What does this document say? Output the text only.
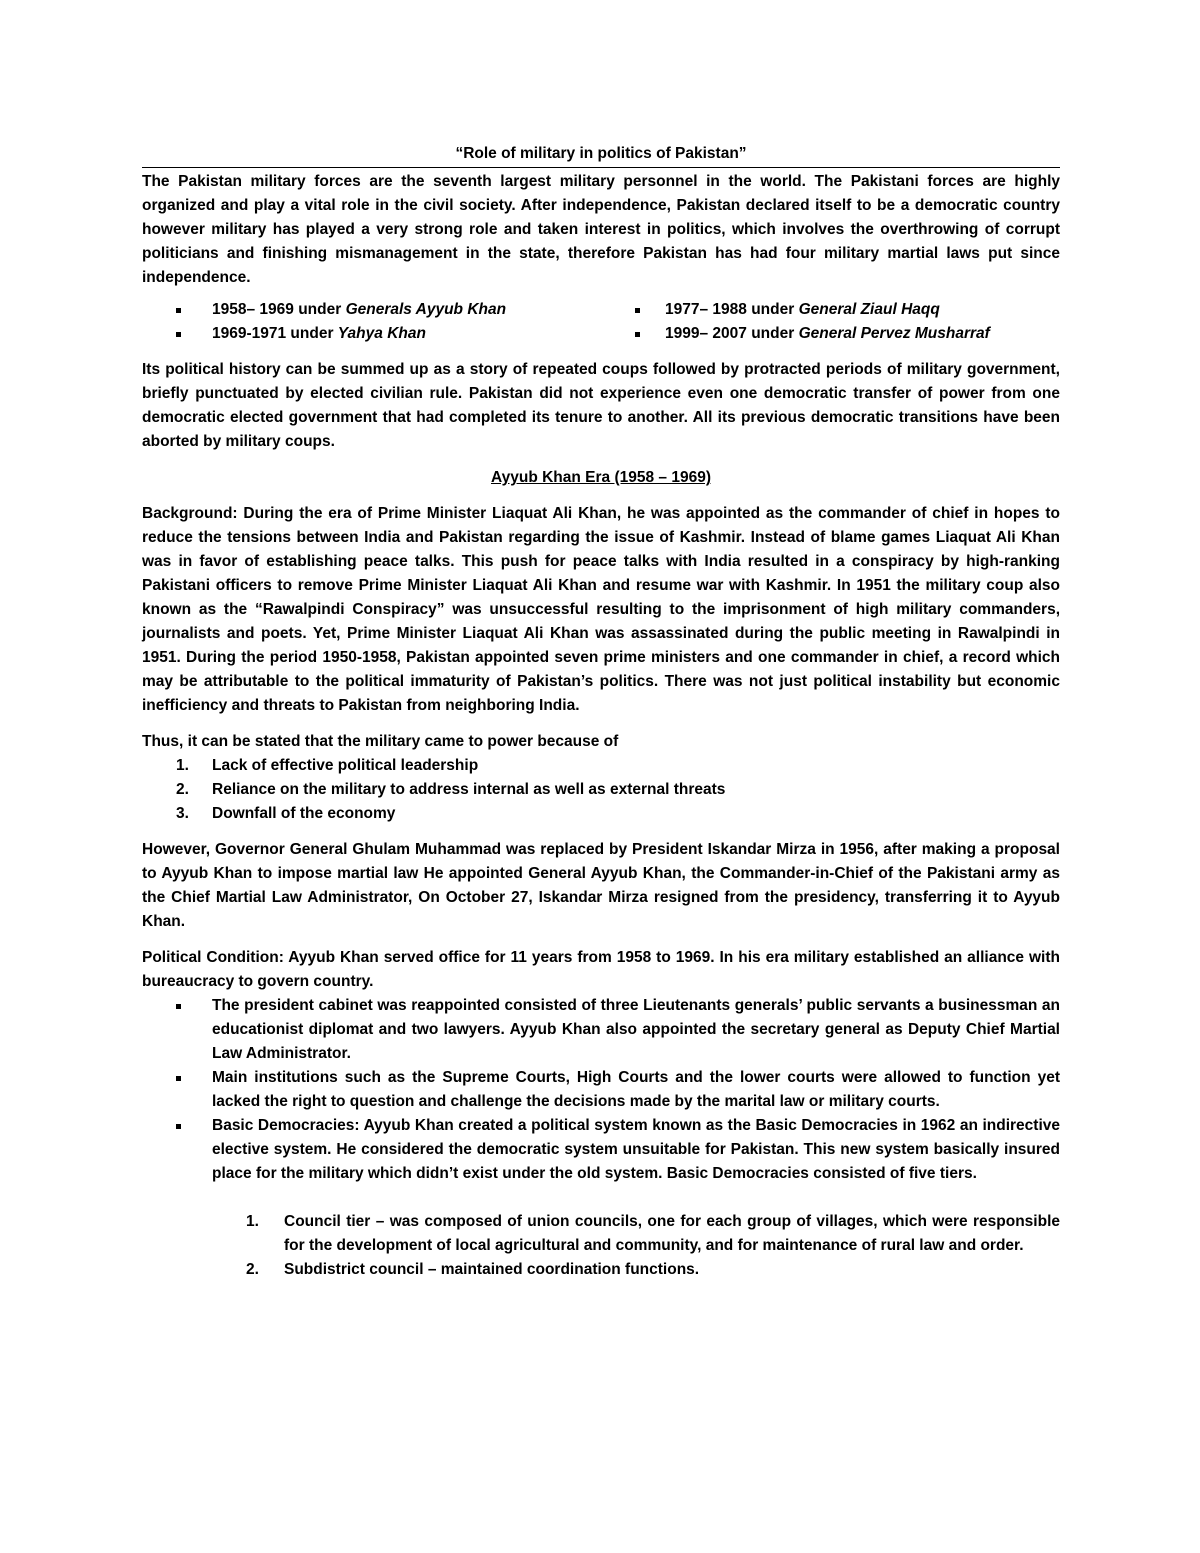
“Role of military in politics of Pakistan”

The Pakistan military forces are the seventh largest military personnel in the world. The Pakistani forces are highly organized and play a vital role in the civil society. After independence, Pakistan declared itself to be a democratic country however military has played a very strong role and taken interest in politics, which involves the overthrowing of corrupt politicians and finishing mismanagement in the state, therefore Pakistan has had four military martial laws put since independence.

1958– 1969 under Generals Ayyub Khan
1969-1971 under Yahya Khan
1977– 1988 under General Ziaul Haqq
1999– 2007 under General Pervez Musharraf

Its political history can be summed up as a story of repeated coups followed by protracted periods of military government, briefly punctuated by elected civilian rule. Pakistan did not experience even one democratic transfer of power from one democratic elected government that had completed its tenure to another. All its previous democratic transitions have been aborted by military coups.

Ayyub Khan Era (1958 – 1969)

Background: During the era of Prime Minister Liaquat Ali Khan, he was appointed as the commander of chief in hopes to reduce the tensions between India and Pakistan regarding the issue of Kashmir. Instead of blame games Liaquat Ali Khan was in favor of establishing peace talks. This push for peace talks with India resulted in a conspiracy by high-ranking Pakistani officers to remove Prime Minister Liaquat Ali Khan and resume war with Kashmir. In 1951 the military coup also known as the “Rawalpindi Conspiracy” was unsuccessful resulting to the imprisonment of high military commanders, journalists and poets. Yet, Prime Minister Liaquat Ali Khan was assassinated during the public meeting in Rawalpindi in 1951. During the period 1950-1958, Pakistan appointed seven prime ministers and one commander in chief, a record which may be attributable to the political immaturity of Pakistan’s politics. There was not just political instability but economic inefficiency and threats to Pakistan from neighboring India.

Thus, it can be stated that the military came to power because of

1. Lack of effective political leadership
2. Reliance on the military to address internal as well as external threats
3. Downfall of the economy

However, Governor General Ghulam Muhammad was replaced by President Iskandar Mirza in 1956, after making a proposal to Ayyub Khan to impose martial law He appointed General Ayyub Khan, the Commander-in-Chief of the Pakistani army as the Chief Martial Law Administrator, On October 27, Iskandar Mirza resigned from the presidency, transferring it to Ayyub Khan.

Political Condition: Ayyub Khan served office for 11 years from 1958 to 1969. In his era military established an alliance with bureaucracy to govern country.

The president cabinet was reappointed consisted of three Lieutenants generals’ public servants a businessman an educationist diplomat and two lawyers. Ayyub Khan also appointed the secretary general as Deputy Chief Martial Law Administrator.
Main institutions such as the Supreme Courts, High Courts and the lower courts were allowed to function yet lacked the right to question and challenge the decisions made by the marital law or military courts.
Basic Democracies: Ayyub Khan created a political system known as the Basic Democracies in 1962 an indirective elective system. He considered the democratic system unsuitable for Pakistan. This new system basically insured place for the military which didn’t exist under the old system. Basic Democracies consisted of five tiers.
1. Council tier – was composed of union councils, one for each group of villages, which were responsible for the development of local agricultural and community, and for maintenance of rural law and order.
2. Subdistrict council – maintained coordination functions.
